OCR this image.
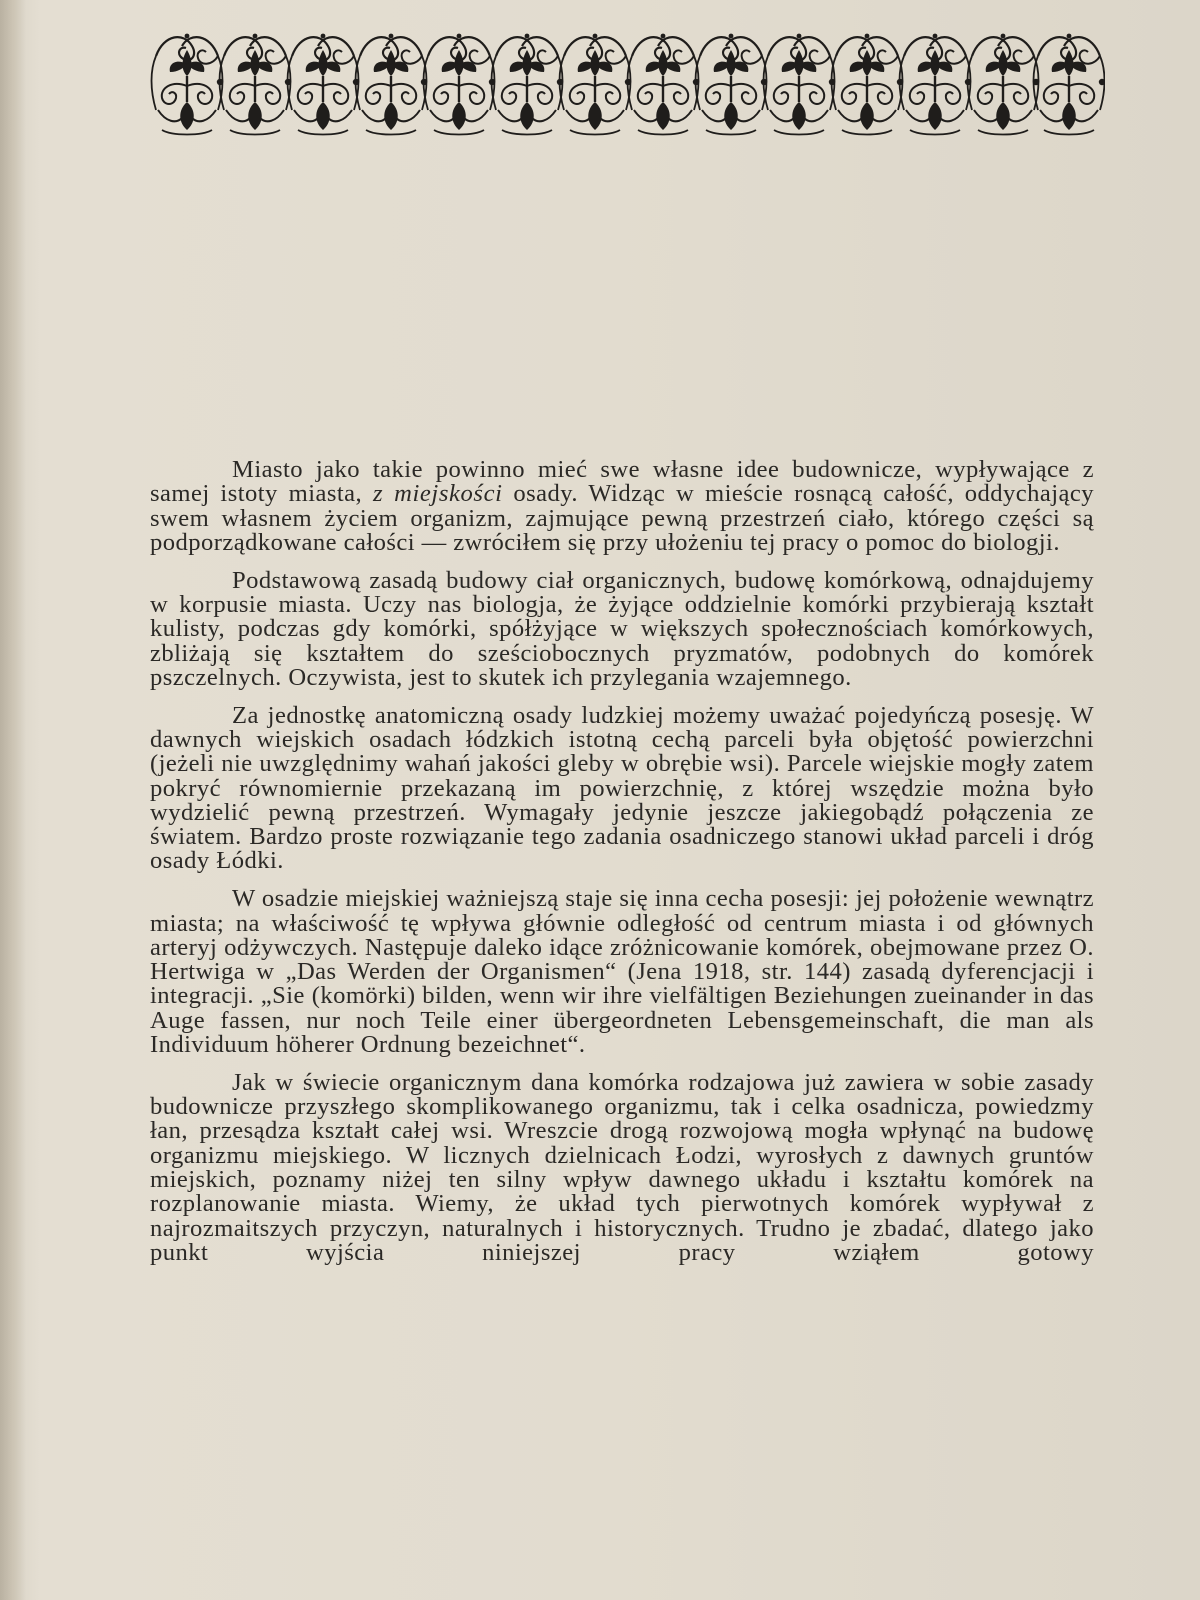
Miasto jako takie powinno mieć swe własne idee budownicze, wypływające z samej istoty miasta, z miejskości osady. Widząc w mieście rosnącą całość, oddychający swem własnem życiem organizm, zajmujące pewną przestrzeń ciało, którego części są podporządkowane całości — zwróciłem się przy ułożeniu tej pracy o pomoc do biologji.

Podstawową zasadą budowy ciał organicznych, budowę komórkową, odnajdujemy w korpusie miasta. Uczy nas biologja, że żyjące oddzielnie komórki przybierają kształt kulisty, podczas gdy komórki, spółżyjące w większych społecznościach komórkowych, zbliżają się kształtem do sześciobocznych pryzmatów, podobnych do komórek pszczelnych. Oczywista, jest to skutek ich przylegania wzajemnego.

Za jednostkę anatomiczną osady ludzkiej możemy uważać pojedyńczą posesję. W dawnych wiejskich osadach łódzkich istotną cechą parceli była objętość powierzchni (jeżeli nie uwzględnimy wahań jakości gleby w obrębie wsi). Parcele wiejskie mogły zatem pokryć równomiernie przekazaną im powierzchnię, z której wszędzie można było wydzielić pewną przestrzeń. Wymagały jedynie jeszcze jakiegobądź połączenia ze światem. Bardzo proste rozwiązanie tego zadania osadniczego stanowi układ parceli i dróg osady Łódki.

W osadzie miejskiej ważniejszą staje się inna cecha posesji: jej położenie wewnątrz miasta; na właściwość tę wpływa głównie odległość od centrum miasta i od głównych arteryj odżywczych. Następuje daleko idące zróżnicowanie komórek, obejmowane przez O. Hertwiga w „Das Werden der Organismen“ (Jena 1918, str. 144) zasadą dyferencjacji i integracji. „Sie (komörki) bilden, wenn wir ihre vielfältigen Beziehungen zueinander in das Auge fassen, nur noch Teile einer übergeordneten Lebensgemeinschaft, die man als Individuum höherer Ordnung bezeichnet“.

Jak w świecie organicznym dana komórka rodzajowa już zawiera w sobie zasady budownicze przyszłego skomplikowanego organizmu, tak i celka osadnicza, powiedzmy łan, przesądza kształt całej wsi. Wreszcie drogą rozwojową mogła wpłynąć na budowę organizmu miejskiego. W licznych dzielnicach Łodzi, wyrosłych z dawnych gruntów miejskich, poznamy niżej ten silny wpływ dawnego układu i kształtu komórek na rozplanowanie miasta. Wiemy, że układ tych pierwotnych komórek wypływał z najrozmaitszych przyczyn, naturalnych i historycznych. Trudno je zbadać, dlatego jako punkt wyjścia niniejszej pracy wziąłem gotowy
